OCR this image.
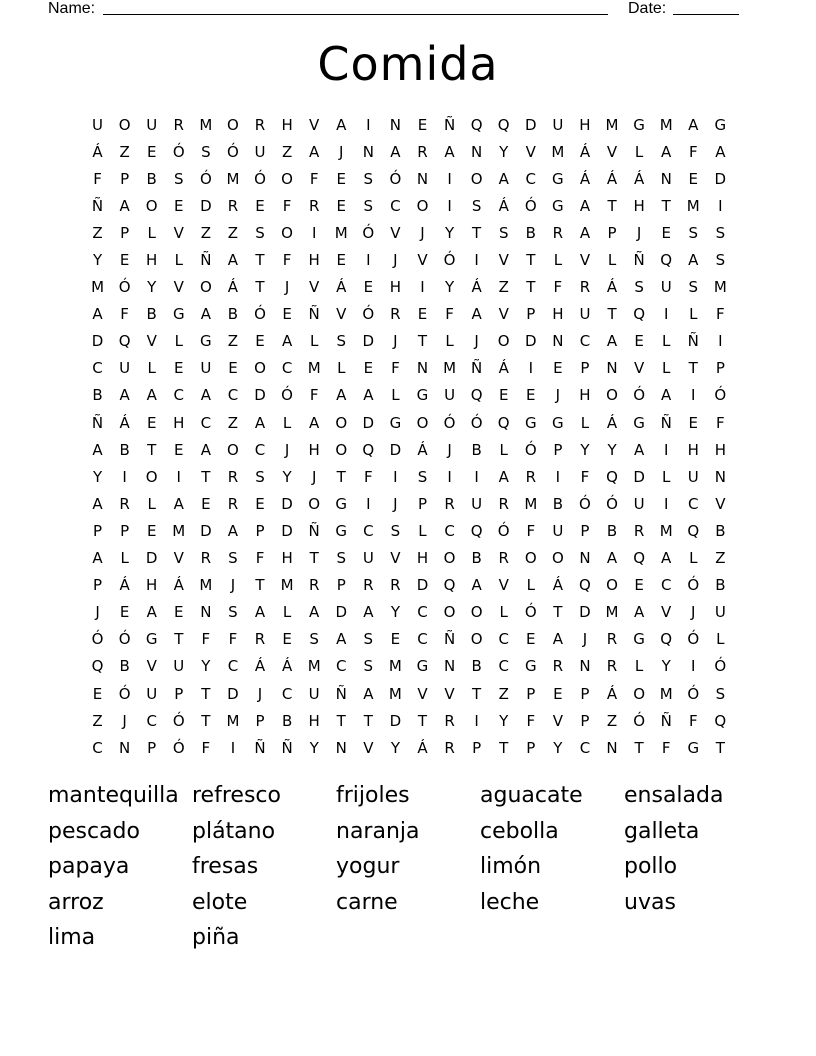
Name:	Date:
Comida
U	O	U	R	M O	R	H	V	A	I	N	E	Ñ	Q	Q	D	U	H M G M	A	G
Á	Z	E	Ó	S	Ó	U	Z	A	J	N	A	R	A	N	Y	V	M	Á	V	L	A	F	A
F	P	B	S	Ó M Ó	O	F	E	S	Ó	N	I	O	A	C	G	Á	Á	Á	N	E	D
Ñ	A	O	E	D	R	E	F	R	E	S	C	O	I	S	Á	Ó	G	A	T	H	T	M	I
Z	P	L	V	Z	Z	S	O	I	M Ó	V	J	Y	T	S	B	R	A	P	J	E	S	S
Y	E	H	L	Ñ	A	T	F	H	E	I	J	V	Ó	I	V	T	L	V	L	Ñ	Q	A	S
M Ó	Y	V	O	Á	T	J	V	Á	E	H	I	Y	Á	Z	T	F	R	Á	S	U	S	M
A	F	B	G	A	B	Ó	E	Ñ	V	Ó	R	E	F	A	V	P	H	U	T	Q	I	L	F
D	Q	V	L	G	Z	E	A	L	S	D	J	T	L	J	O	D	N	C	A	E	L	Ñ	I
C	U	L	E	U	E	O	C	M	L	E	F	N M Ñ	Á	I	E	P	N	V	L	T	P
B	A	A	C	A	C	D	Ó	F	A	A	L	G	U	Q	E	E	J	H	O	Ó	A	I	Ó
Ñ	Á	E	H	C	Z	A	L	A	O	D	G	O	Ó	Ó	Q	G	G	L	Á	G	Ñ	E	F
A	B	T	E	A	O	C	J	H	O	Q	D	Á	J	B	L	Ó	P	Y	Y	A	I	H	H
Y	I	O	I	T	R	S	Y	J	T	F	I	S	I	I	A	R	I	F	Q	D	L	U	N
A	R	L	A	E	R	E	D	O	G	I	J	P	R	U	R	M	B	Ó	Ó	U	I	C	V
P	P	E	M D	A	P	D	Ñ	G	C	S	L	C	Q	Ó	F	U	P	B	R	M Q	B
A	L	D	V	R	S	F	H	T	S	U	V	H	O	B	R	O	O	N	A	Q	A	L	Z
P	Á	H	Á	M	J	T	M	R	P	R	R	D	Q	A	V	L	Á	Q	O	E	C	Ó	B
J	E	A	E	N	S	A	L	A	D	A	Y	C	O	O	L	Ó	T	D M	A	V	J	U
Ó	Ó	G	T	F	F	R	E	S	A	S	E	C	Ñ	O	C	E	A	J	R	G	Q	Ó	L
Q	B	V	U	Y	C	Á	Á	M	C	S	M G	N	B	C	G	R	N	R	L	Y	I	Ó
E	Ó	U	P	T	D	J	C	U	Ñ	A	M	V	V	T	Z	P	E	P	Á	O M Ó	S
Z	J	C	Ó	T	M	P	B	H	T	T	D	T	R	I	Y	F	V	P	Z	Ó	Ñ	F	Q
C	N	P	Ó	F	I	Ñ	Ñ	Y	N	V	Y	Á	R	P	T	P	Y	C	N	T	F	G	T
mantequilla refresco	frijoles	aguacate	ensalada
pescado	plátano	naranja	cebolla	galleta
papaya	fresas	yogur	limón	pollo
arroz	elote	carne	leche	uvas
lima	piña
